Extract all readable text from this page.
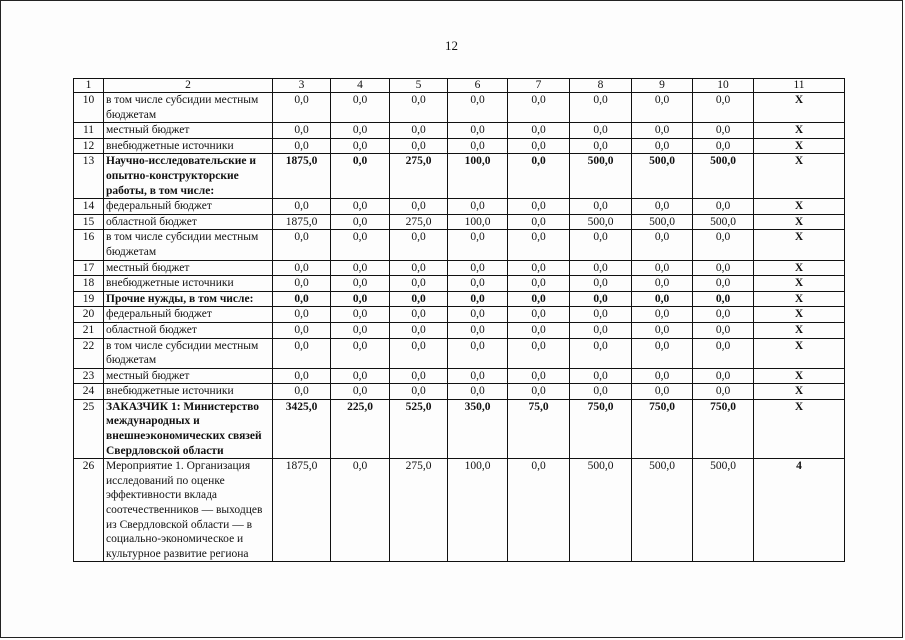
12
1	2	3	4	5	6	7	8	9	10	11
10	в том числе субсидии местным бюджетам	0,0	0,0	0,0	0,0	0,0	0,0	0,0	0,0	X
11	местный бюджет	0,0	0,0	0,0	0,0	0,0	0,0	0,0	0,0	X
12	внебюджетные источники	0,0	0,0	0,0	0,0	0,0	0,0	0,0	0,0	X
13	Научно-исследовательские и опытно-конструкторские работы, в том числе:	1875,0	0,0	275,0	100,0	0,0	500,0	500,0	500,0	X
14	федеральный бюджет	0,0	0,0	0,0	0,0	0,0	0,0	0,0	0,0	X
15	областной бюджет	1875,0	0,0	275,0	100,0	0,0	500,0	500,0	500,0	X
16	в том числе субсидии местным бюджетам	0,0	0,0	0,0	0,0	0,0	0,0	0,0	0,0	X
17	местный бюджет	0,0	0,0	0,0	0,0	0,0	0,0	0,0	0,0	X
18	внебюджетные источники	0,0	0,0	0,0	0,0	0,0	0,0	0,0	0,0	X
19	Прочие нужды, в том числе:	0,0	0,0	0,0	0,0	0,0	0,0	0,0	0,0	X
20	федеральный бюджет	0,0	0,0	0,0	0,0	0,0	0,0	0,0	0,0	X
21	областной бюджет	0,0	0,0	0,0	0,0	0,0	0,0	0,0	0,0	X
22	в том числе субсидии местным бюджетам	0,0	0,0	0,0	0,0	0,0	0,0	0,0	0,0	X
23	местный бюджет	0,0	0,0	0,0	0,0	0,0	0,0	0,0	0,0	X
24	внебюджетные источники	0,0	0,0	0,0	0,0	0,0	0,0	0,0	0,0	X
25	ЗАКАЗЧИК 1: Министерство международных и внешнеэкономических связей Свердловской области	3425,0	225,0	525,0	350,0	75,0	750,0	750,0	750,0	X
26	Мероприятие 1. Организация исследований по оценке эффективности вклада соотечественников — выходцев из Свердловской области — в социально-экономическое и культурное развитие региона	1875,0	0,0	275,0	100,0	0,0	500,0	500,0	500,0	4
